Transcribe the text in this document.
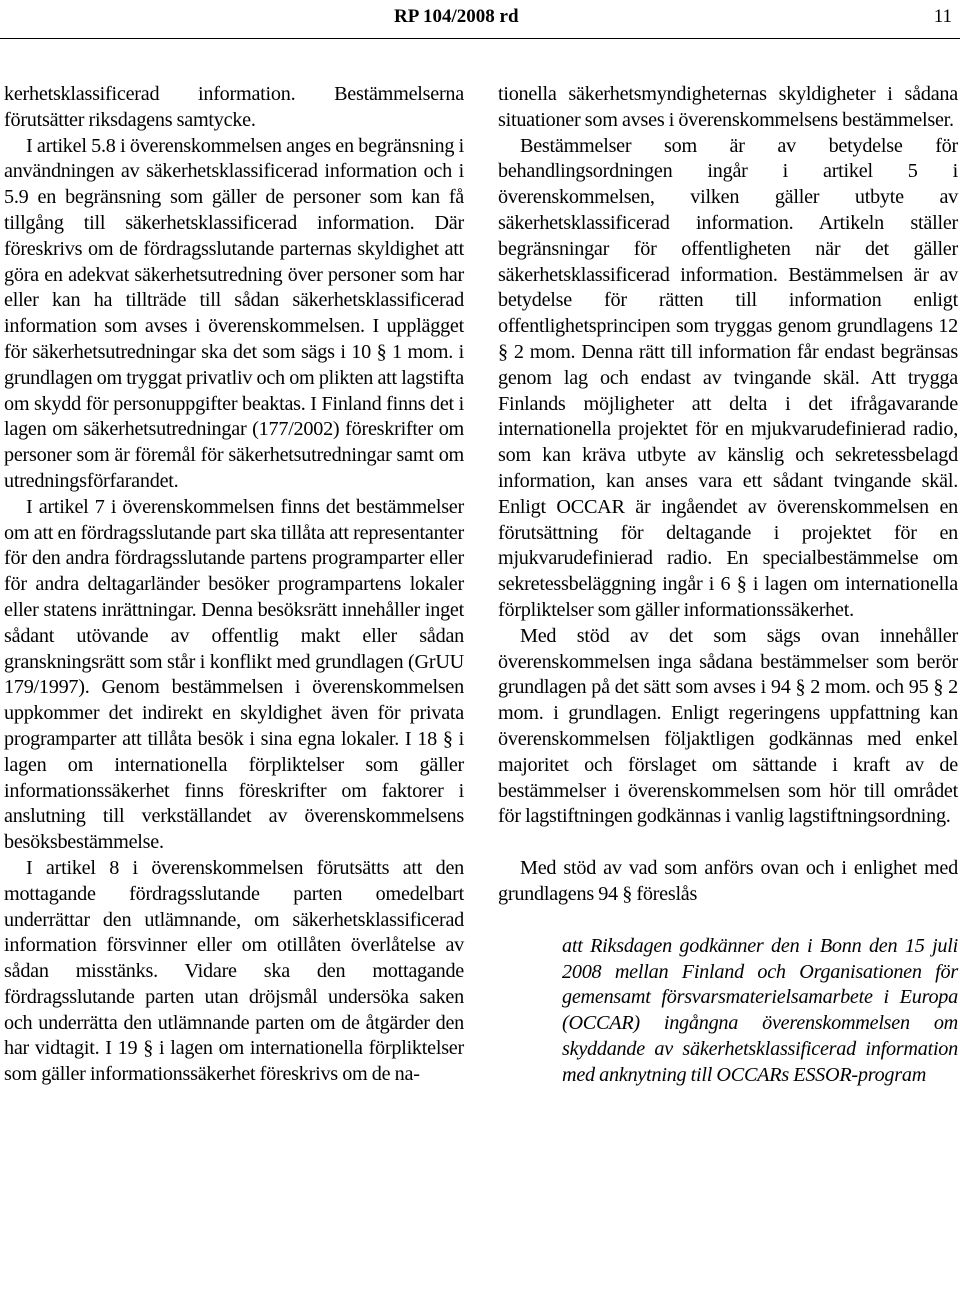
RP 104/2008 rd	11

kerhetsklassificerad information. Bestämmelserna förutsätter riksdagens samtycke.

I artikel 5.8 i överenskommelsen anges en begränsning i användningen av säkerhetsklassificerad information och i 5.9 en begränsning som gäller de personer som kan få tillgång till säkerhetsklassificerad information. Där föreskrivs om de fördragsslutande parternas skyldighet att göra en adekvat säkerhetsutredning över personer som har eller kan ha tillträde till sådan säkerhetsklassificerad information som avses i överenskommelsen. I upplägget för säkerhetsutredningar ska det som sägs i 10 § 1 mom. i grundlagen om tryggat privatliv och om plikten att lagstifta om skydd för personuppgifter beaktas. I Finland finns det i lagen om säkerhetsutredningar (177/2002) föreskrifter om personer som är föremål för säkerhetsutredningar samt om utredningsförfarandet.

I artikel 7 i överenskommelsen finns det bestämmelser om att en fördragsslutande part ska tillåta att representanter för den andra fördragsslutande partens programparter eller för andra deltagarländer besöker programpartens lokaler eller statens inrättningar. Denna besöksrätt innehåller inget sådant utövande av offentlig makt eller sådan granskningsrätt som står i konflikt med grundlagen (GrUU 179/1997). Genom bestämmelsen i överenskommelsen uppkommer det indirekt en skyldighet även för privata programparter att tillåta besök i sina egna lokaler. I 18 § i lagen om internationella förpliktelser som gäller informationssäkerhet finns föreskrifter om faktorer i anslutning till verkställandet av överenskommelsens besöksbestämmelse.

I artikel 8 i överenskommelsen förutsätts att den mottagande fördragsslutande parten omedelbart underrättar den utlämnande, om säkerhetsklassificerad information försvinner eller om otillåten överlåtelse av sådan misstänks. Vidare ska den mottagande fördragsslutande parten utan dröjsmål undersöka saken och underrätta den utlämnande parten om de åtgärder den har vidtagit. I 19 § i lagen om internationella förpliktelser som gäller informationssäkerhet föreskrivs om de na-

tionella säkerhetsmyndigheternas skyldigheter i sådana situationer som avses i överenskommelsens bestämmelser.

Bestämmelser som är av betydelse för behandlingsordningen ingår i artikel 5 i överenskommelsen, vilken gäller utbyte av säkerhetsklassificerad information. Artikeln ställer begränsningar för offentligheten när det gäller säkerhetsklassificerad information. Bestämmelsen är av betydelse för rätten till information enligt offentlighetsprincipen som tryggas genom grundlagens 12 § 2 mom. Denna rätt till information får endast begränsas genom lag och endast av tvingande skäl. Att trygga Finlands möjligheter att delta i det ifrågavarande internationella projektet för en mjukvarudefinierad radio, som kan kräva utbyte av känslig och sekretessbelagd information, kan anses vara ett sådant tvingande skäl. Enligt OCCAR är ingåendet av överenskommelsen en förutsättning för deltagande i projektet för en mjukvarudefinierad radio. En specialbestämmelse om sekretessbeläggning ingår i 6 § i lagen om internationella förpliktelser som gäller informationssäkerhet.

Med stöd av det som sägs ovan innehåller överenskommelsen inga sådana bestämmelser som berör grundlagen på det sätt som avses i 94 § 2 mom. och 95 § 2 mom. i grundlagen. Enligt regeringens uppfattning kan överenskommelsen följaktligen godkännas med enkel majoritet och förslaget om sättande i kraft av de bestämmelser i överenskommelsen som hör till området för lagstiftningen godkännas i vanlig lagstiftningsordning.

Med stöd av vad som anförs ovan och i enlighet med grundlagens 94 § föreslås

att Riksdagen godkänner den i Bonn den 15 juli 2008 mellan Finland och Organisationen för gemensamt försvarsmaterielsamarbete i Europa (OCCAR) ingångna överenskommelsen om skyddande av säkerhetsklassificerad information med anknytning till OCCARs ESSOR-program
